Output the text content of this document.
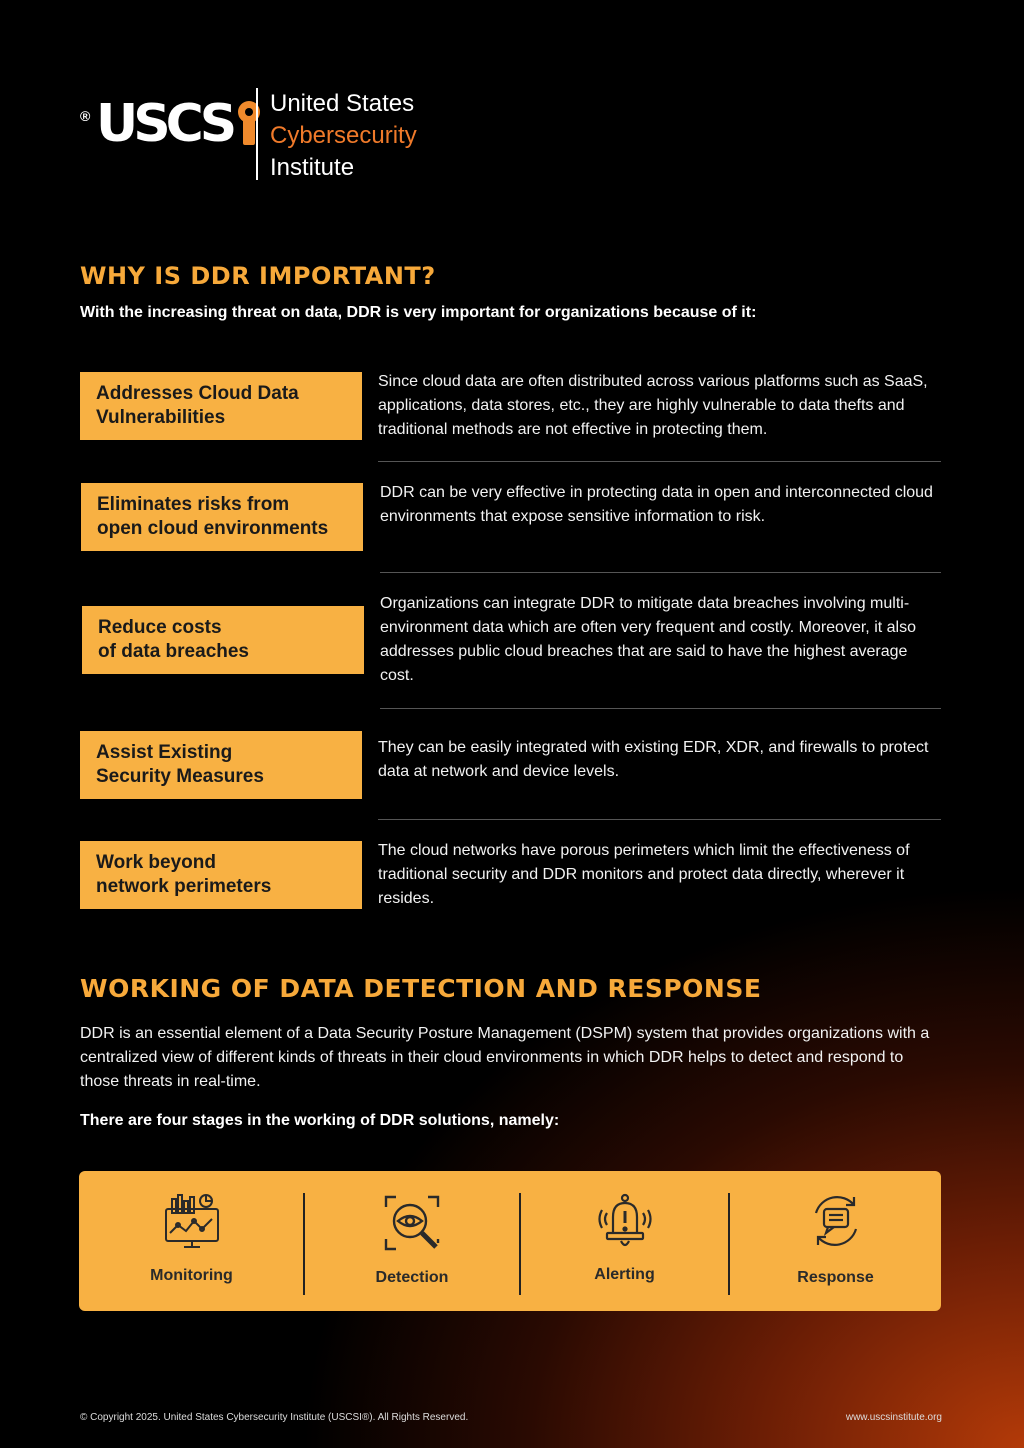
® USCS United States
Cybersecurity
Institute
WHY IS DDR IMPORTANT?
With the increasing threat on data, DDR is very important for organizations because of it:
Addresses Cloud Data
Vulnerabilities
Since cloud data are often distributed across various platforms such as SaaS, applications, data stores, etc., they are highly vulnerable to data thefts and traditional methods are not effective in protecting them.
Eliminates risks from
open cloud environments
DDR can be very effective in protecting data in open and interconnected cloud environments that expose sensitive information to risk.
Reduce costs
of data breaches
Organizations can integrate DDR to mitigate data breaches involving multi-environment data which are often very frequent and costly. Moreover, it also addresses public cloud breaches that are said to have the highest average cost.
Assist Existing
Security Measures
They can be easily integrated with existing EDR, XDR, and firewalls to protect data at network and device levels.
Work beyond
network perimeters
The cloud networks have porous perimeters which limit the effectiveness of traditional security and DDR monitors and protect data directly, wherever it resides.
WORKING OF DATA DETECTION AND RESPONSE
DDR is an essential element of a Data Security Posture Management (DSPM) system that provides organizations with a centralized view of different kinds of threats in their cloud environments in which DDR helps to detect and respond to those threats in real-time.
There are four stages in the working of DDR solutions, namely:
Monitoring	Detection	Alerting	Response
© Copyright 2025. United States Cybersecurity Institute (USCSI®). All Rights Reserved.	www.uscsinstitute.org
